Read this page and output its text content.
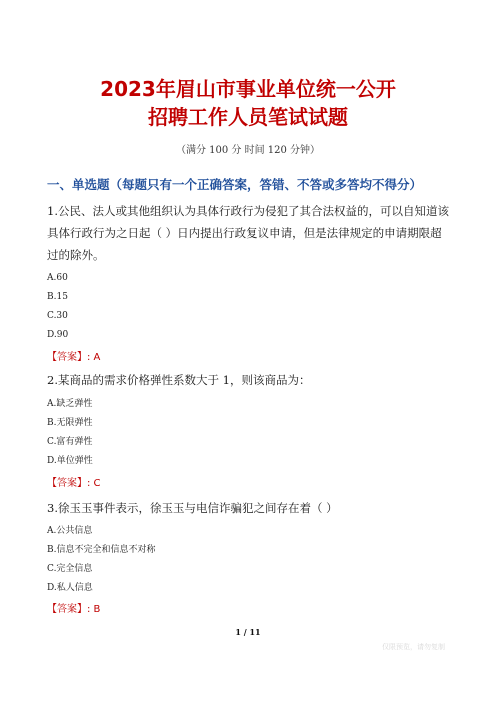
2023年眉山市事业单位统一公开
招聘工作人员笔试试题
（满分 100 分 时间 120 分钟）
一、单选题（每题只有一个正确答案，答错、不答或多答均不得分）
1.公民、法人或其他组织认为具体行政行为侵犯了其合法权益的，可以自知道该具体行政行为之日起（ ）日内提出行政复议申请，但是法律规定的申请期限超过的除外。
A.60
B.15
C.30
D.90
【答案】: A
2.某商品的需求价格弹性系数大于 1，则该商品为：
A.缺乏弹性
B.无限弹性
C.富有弹性
D.单位弹性
【答案】: C
3.徐玉玉事件表示，徐玉玉与电信诈骗犯之间存在着（ ）
A.公共信息
B.信息不完全和信息不对称
C.完全信息
D.私人信息
【答案】: B
1 / 11
仅限预览，请勿复制
